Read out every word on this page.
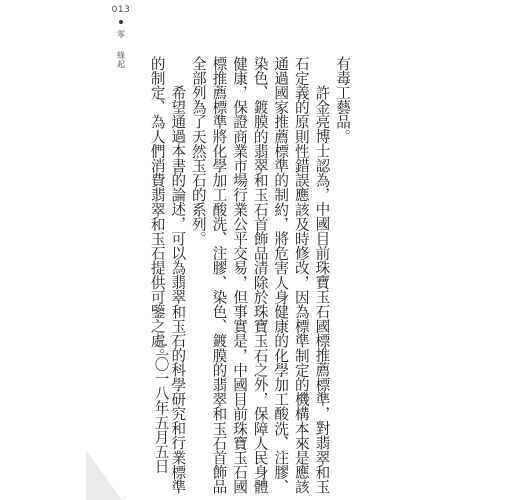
013
零
綠起	有毒工藝品。

許金亮博士認為，中國目前珠寶玉石國標推薦標準，對翡翠和玉石定義的原則性錯誤應該及時修改，因為標準制定的機構本來是應該通過國家推薦標準的制約，將危害人身健康的化學加工酸洗、注膠、染色、鍍膜的翡翠和玉石首飾品清除於珠寶玉石之外，保障人民身體健康，保證商業市場行業公平交易，但事實是，中國目前珠寶玉石國標推薦標準將化學加工酸洗、注膠、染色、鍍膜的翡翠和玉石首飾品全部列為了天然玉石的系列。

希望通過本書的論述，可以為翡翠和玉石的科學研究和行業標準的制定、為人們消費翡翠和玉石提供可鑒之處。

二〇一八年五月五日
